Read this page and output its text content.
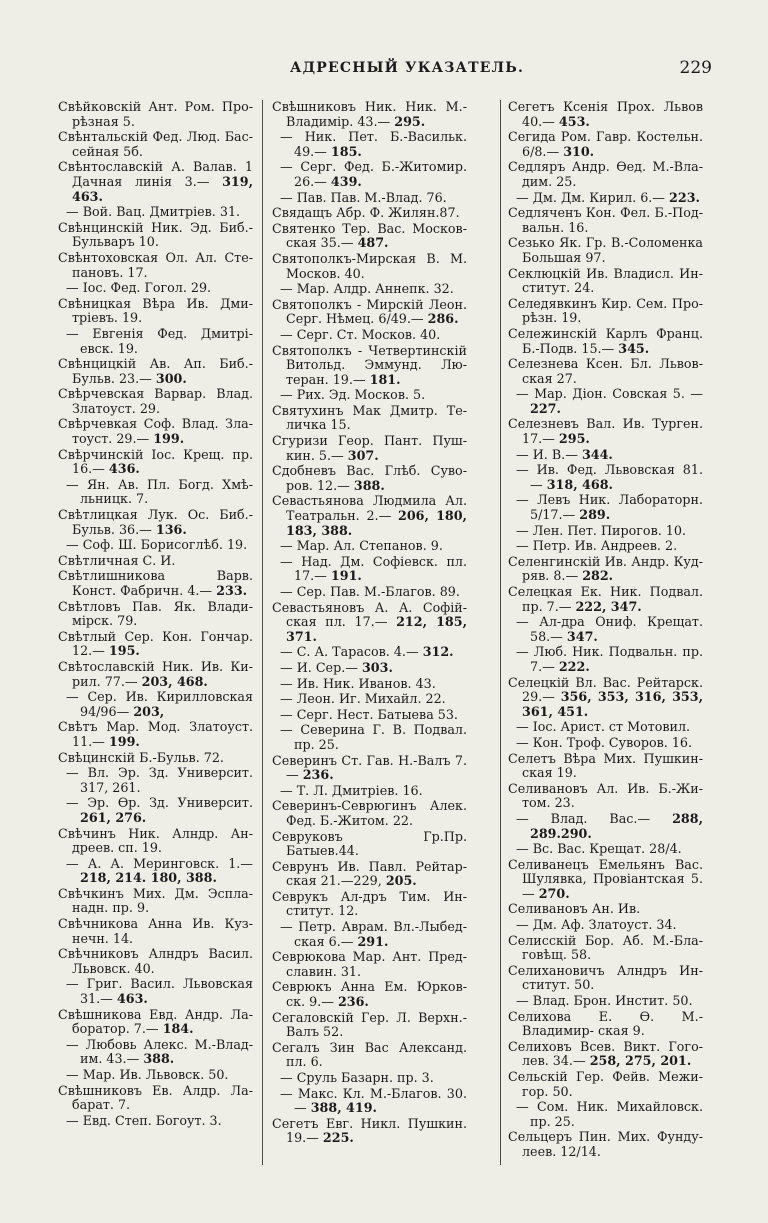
АДРЕСНЫЙ УКАЗАТЕЛЬ.	229
Свѣйковскій Ант. Ром. Про- рѣзная 5.
Свѣнтальскій Фед. Люд. Бас- сейная 5б.
Свѣнтославскій А. Валав. 1 Дачная линія 3.— 319, 463.
— Вой. Вац. Дмитріев. 31.
Свѣнцинскій Ник. Эд. Биб.- Бульваръ 10.
Свѣнтоховская Ол. Ал. Сте- пановъ. 17.
— Іос. Фед. Гогол. 29.
Свѣницкая Вѣра Ив. Дми- тріевъ. 19.
— Евгенія Фед. Дмитрі- евск. 19.
Свѣнцицкій Ав. Ап. Биб.- Бульв. 23.— 300.
Свѣрчевская Варвар. Влад. Златоуст. 29.
Свѣрчевкая Соф. Влад. Зла- тоуст. 29.— 199.
Свѣрчинскій Іос. Крещ. пр. 16.— 436.
— Ян. Ав. Пл. Богд. Хмѣ- льницк. 7.
Свѣтлицкая Лук. Ос. Биб.- Бульв. 36.— 136.
— Соф. Ш. Борисоглѣб. 19.
Свѣтличная С. И.
Свѣтлишникова Варв. Конст. Фабричн. 4.— 233.
Свѣтловъ Пав. Як. Влади- мірск. 79.
Свѣтлый Сер. Кон. Гончар. 12.— 195.
Свѣтославскій Ник. Ив. Ки- рил. 77.— 203, 468.
— Сер. Ив. Кирилловская 94/96— 203,
Свѣтъ Мар. Мод. Златоуст. 11.— 199.
Свѣцинскій Б.-Бульв. 72.
— Вл. Эр. Зд. Университ. 317, 261.
— Эр. Ѳр. Зд. Университ. 261, 276.
Свѣчинъ Ник. Алндр. Ан- дреев. сп. 19.
— А. А. Меринговск. 1.— 218, 214. 180, 388.
Свѣчкинъ Мих. Дм. Эспла- надн. пр. 9.
Свѣчникова Анна Ив. Куз- нечн. 14.
Свѣчниковъ Алндръ Васил. Львовск. 40.
— Григ. Васил. Львовская 31.— 463.
Свѣшникова Евд. Андр. Ла- боратор. 7.— 184.
— Любовь Алекс. М.-Влад- им. 43.— 388.
— Мар. Ив. Львовск. 50.
Свѣшниковъ Ев. Алдр. Ла- барат. 7.
— Евд. Степ. Богоут. 3.
Свѣшниковъ Ник. Ник. М.- Владимір. 43.— 295.
— Ник. Пет. Б.-Васильк. 49.— 185.
— Серг. Фед. Б.-Житомир. 26.— 439.
— Пав. Пав. М.-Влад. 76.
Свядащъ Абр. Ф. Жилян.87.
Святенко Тер. Вас. Москов- ская 35.— 487.
Святополкъ-Мирская В. М. Москов. 40.
— Мар. Алдр. Аннепк. 32.
Святополкъ - Мирскій Леон. Серг. Нѣмец. 6/49.— 286.
— Серг. Ст. Москов. 40.
Святополкъ - Четвертинскій Витольд. Эммунд. Лю- теран. 19.— 181.
— Рих. Эд. Москов. 5.
Святухинъ Мак Дмитр. Те- личка 15.
Сгуризи Геор. Пант. Пуш- кин. 5.— 307.
Сдобневъ Вас. Глѣб. Суво- ров. 12.— 388.
Севастьянова Людмила Ал. Театральн. 2.— 206, 180, 183, 388.
— Мар. Ал. Степанов. 9.
— Над. Дм. Софіевск. пл. 17.— 191.
— Сер. Пав. М.-Благов. 89.
Севастьяновъ А. А. Софій- ская пл. 17.— 212, 185, 371.
— С. А. Тарасов. 4.— 312.
— И. Сер.— 303.
— Ив. Ник. Иванов. 43.
— Леон. Иг. Михайл. 22.
— Серг. Нест. Батыева 53.
— Северина Г. В. Подвал. пр. 25.
Северинъ Ст. Гав. Н.-Валъ 7.— 236.
— Т. Л. Дмитріев. 16.
Северинъ-Севрюгинъ Алек. Фед. Б.-Житом. 22.
Севруковъ Гр.Пр. Батыев.44.
Севрунъ Ив. Павл. Рейтар- ская 21.—229, 205.
Севрукъ Ал-дръ Тим. Ин- ститут. 12.
— Петр. Аврам. Вл.-Лыбед- ская 6.— 291.
Севрюкова Мар. Ант. Пред- славин. 31.
Севрюкъ Анна Ем. Юрков- ск. 9.— 236.
Сегаловскій Гер. Л. Верхн.- Валъ 52.
Сегалъ Зин Вас Александ. пл. 6.
— Сруль Базарн. пр. 3.
— Макс. Кл. М.-Благов. 30.— 388, 419.
Сегетъ Евг. Никл. Пушкин. 19.— 225.
Сегетъ Ксенія Прох. Львов 40.— 453.
Сегида Ром. Гавр. Костельн. 6/8.— 310.
Седляръ Андр. Ѳед. М.-Вла- дим. 25.
— Дм. Дм. Кирил. 6.— 223.
Седляченъ Кон. Фел. Б.-Под- вальн. 16.
Сезько Як. Гр. В.-Соломенка Большая 97.
Секлюцкій Ив. Владисл. Ин- ститут. 24.
Селедявкинъ Кир. Сем. Про- рѣзн. 19.
Сележинскій Карлъ Франц. Б.-Подв. 15.— 345.
Селезнева Ксен. Бл. Львов- ская 27.
— Мар. Діон. Совская 5. — 227.
Селезневъ Вал. Ив. Турген. 17.— 295.
— И. В.— 344.
— Ив. Фед. Львовская 81. — 318, 468.
— Левъ Ник. Лабораторн. 5/17.— 289.
— Лен. Пет. Пирогов. 10.
— Петр. Ив. Андреев. 2.
Селенгинскій Ив. Андр. Куд- ряв. 8.— 282.
Селецкая Ек. Ник. Подвал. пр. 7.— 222, 347.
— Ал-дра Ониф. Крещат. 58.— 347.
— Люб. Ник. Подвальн. пр. 7.— 222.
Селецкій Вл. Вас. Рейтарск. 29.— 356, 353, 316, 353, 361, 451.
— Іос. Арист. ст Мотовил.
— Кон. Троф. Суворов. 16.
Селетъ Вѣра Мих. Пушкин- ская 19.
Селивановъ Ал. Ив. Б.-Жи- том. 23.
— Влад. Вас.— 288, 289.290.
— Вс. Вас. Крещат. 28/4.
Селиванецъ Емельянъ Вас. Шулявка, Провіантская 5.— 270.
Селивановъ Ан. Ив.
— Дм. Аф. Златоуст. 34.
Селисскій Бор. Аб. М.-Бла- говѣщ. 58.
Селихановичъ Алндръ Ин- ститут. 50.
— Влад. Брон. Инстит. 50.
Селихова Е. Ѳ. М.-Владимир- ская 9.
Селиховъ Всев. Викт. Гого- лев. 34.— 258, 275, 201.
Сельскій Гер. Фейв. Межи- гор. 50.
— Сом. Ник. Михайловск. пр. 25.
Сельцеръ Пин. Мих. Фунду- леев. 12/14.
